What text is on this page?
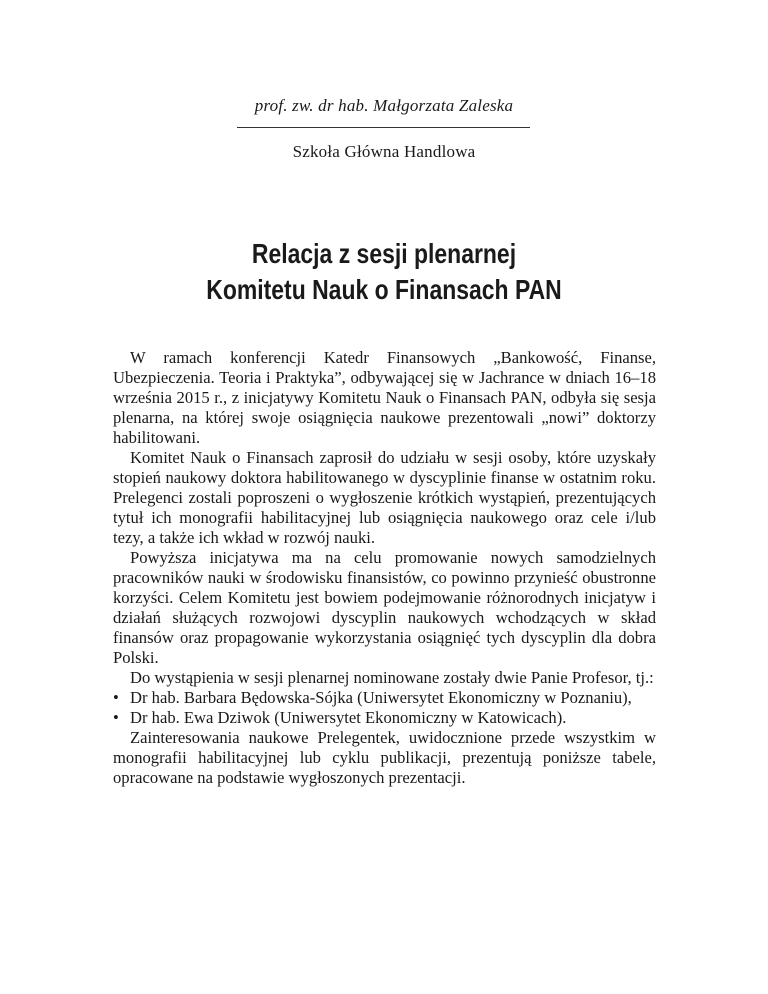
prof. zw. dr hab. Małgorzata Zaleska
Szkoła Główna Handlowa
Relacja z sesji plenarnej
Komitetu Nauk o Finansach PAN

W ramach konferencji Katedr Finansowych „Bankowość, Finanse, Ubezpieczenia. Teoria i Praktyka”, odbywającej się w Jachrance w dniach 16–18 września 2015 r., z inicjatywy Komitetu Nauk o Finansach PAN, odbyła się sesja plenarna, na której swoje osiągnięcia naukowe prezentowali „nowi” doktorzy habilitowani.

Komitet Nauk o Finansach zaprosił do udziału w sesji osoby, które uzyskały stopień naukowy doktora habilitowanego w dyscyplinie finanse w ostatnim roku. Prelegenci zostali poproszeni o wygłoszenie krótkich wystąpień, prezentujących tytuł ich monografii habilitacyjnej lub osiągnięcia naukowego oraz cele i/lub tezy, a także ich wkład w rozwój nauki.

Powyższa inicjatywa ma na celu promowanie nowych samodzielnych pracowników nauki w środowisku finansistów, co powinno przynieść obustronne korzyści. Celem Komitetu jest bowiem podejmowanie różnorodnych inicjatyw i działań służących rozwojowi dyscyplin naukowych wchodzących w skład finansów oraz propagowanie wykorzystania osiągnięć tych dyscyplin dla dobra Polski.

Do wystąpienia w sesji plenarnej nominowane zostały dwie Panie Profesor, tj.:

• Dr hab. Barbara Będowska-Sójka (Uniwersytet Ekonomiczny w Poznaniu),
• Dr hab. Ewa Dziwok (Uniwersytet Ekonomiczny w Katowicach).

Zainteresowania naukowe Prelegentek, uwidocznione przede wszystkim w monografii habilitacyjnej lub cyklu publikacji, prezentują poniższe tabele, opracowane na podstawie wygłoszonych prezentacji.
